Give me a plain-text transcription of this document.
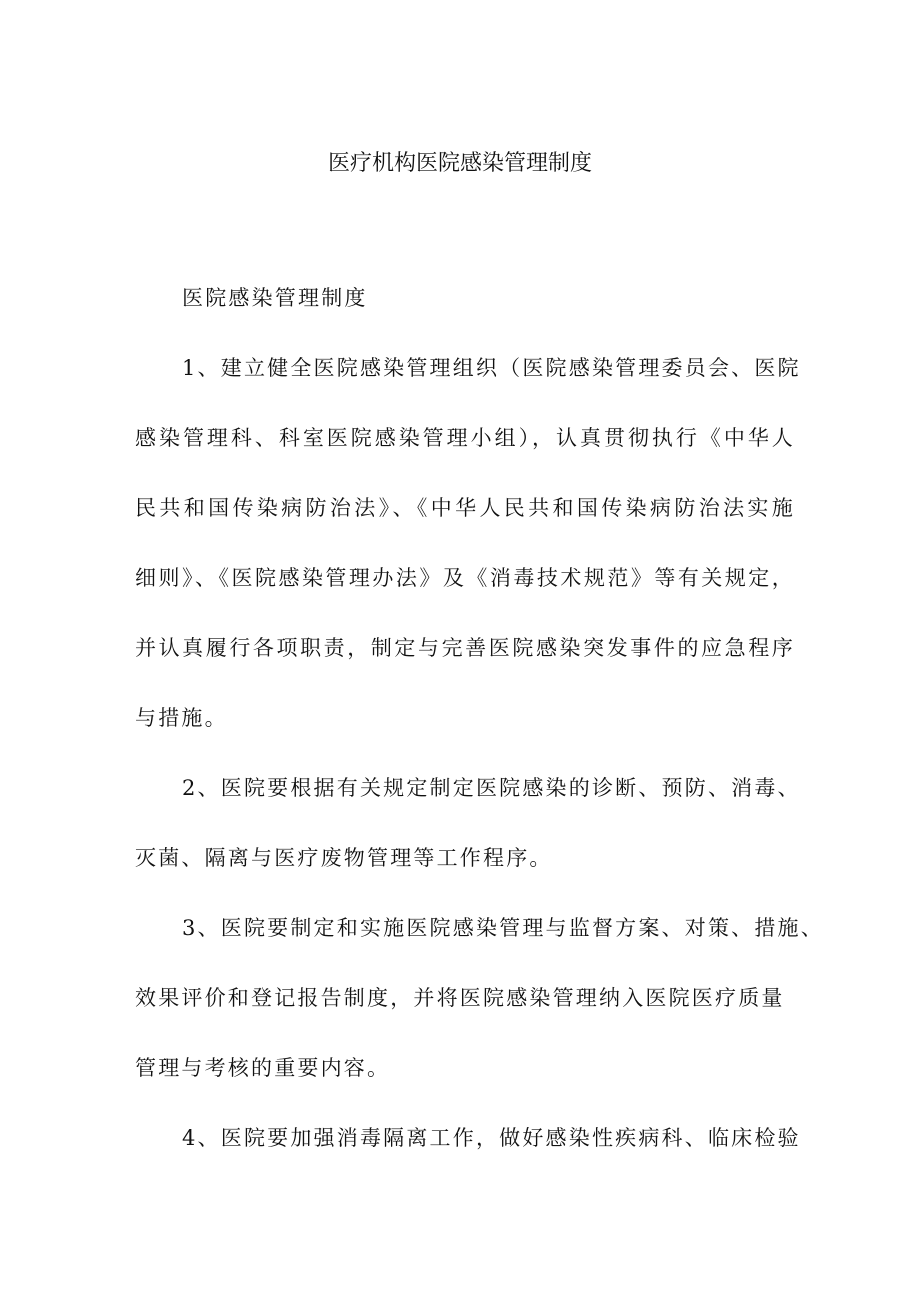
医疗机构医院感染管理制度
医院感染管理制度
1、建立健全医院感染管理组织（医院感染管理委员会、医院
感染管理科、科室医院感染管理小组），认真贯彻执行《中华人
民共和国传染病防治法》、《中华人民共和国传染病防治法实施
细则》、《医院感染管理办法》及《消毒技术规范》等有关规定，
并认真履行各项职责，制定与完善医院感染突发事件的应急程序
与措施。
2、医院要根据有关规定制定医院感染的诊断、预防、消毒、
灭菌、隔离与医疗废物管理等工作程序。
3、医院要制定和实施医院感染管理与监督方案、对策、措施、
效果评价和登记报告制度，并将医院感染管理纳入医院医疗质量
管理与考核的重要内容。
4、医院要加强消毒隔离工作，做好感染性疾病科、临床检验
